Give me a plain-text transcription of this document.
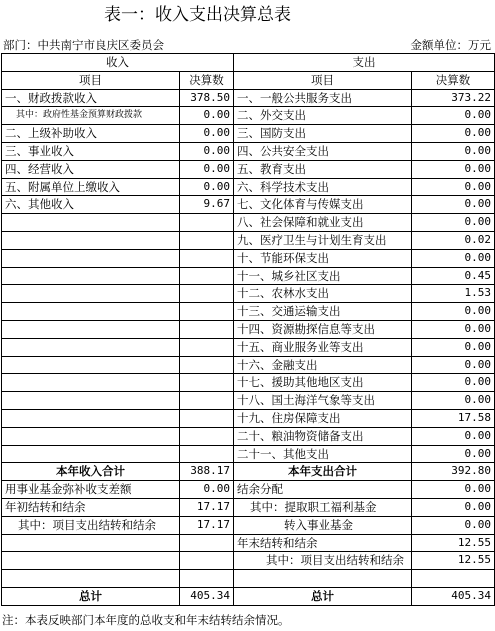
表一：收入支出决算总表
部门：中共南宁市良庆区委员会	金额单位：万元
收入		支出	
项目	决算数	项目	决算数
一、财政拨款收入	378.50	一、一般公共服务支出	373.22
其中：政府性基金预算财政拨款	0.00	二、外交支出	0.00
二、上级补助收入	0.00	三、国防支出	0.00
三、事业收入	0.00	四、公共安全支出	0.00
四、经营收入	0.00	五、教育支出	0.00
五、附属单位上缴收入	0.00	六、科学技术支出	0.00
六、其他收入	9.67	七、文化体育与传媒支出	0.00
		八、社会保障和就业支出	0.00
		九、医疗卫生与计划生育支出	0.02
		十、节能环保支出	0.00
		十一、城乡社区支出	0.45
		十二、农林水支出	1.53
		十三、交通运输支出	0.00
		十四、资源勘探信息等支出	0.00
		十五、商业服务业等支出	0.00
		十六、金融支出	0.00
		十七、援助其他地区支出	0.00
		十八、国土海洋气象等支出	0.00
		十九、住房保障支出	17.58
		二十、粮油物资储备支出	0.00
		二十一、其他支出	0.00
本年收入合计	388.17	本年支出合计	392.80
用事业基金弥补收支差额	0.00	结余分配	0.00
年初结转和结余	17.17	其中：提取职工福利基金	0.00
其中：项目支出结转和结余	17.17	转入事业基金	0.00
		年末结转和结余	12.55
		其中：项目支出结转和结余	12.55

总计	405.34	总计	405.34
注：本表反映部门本年度的总收支和年末结转结余情况。
